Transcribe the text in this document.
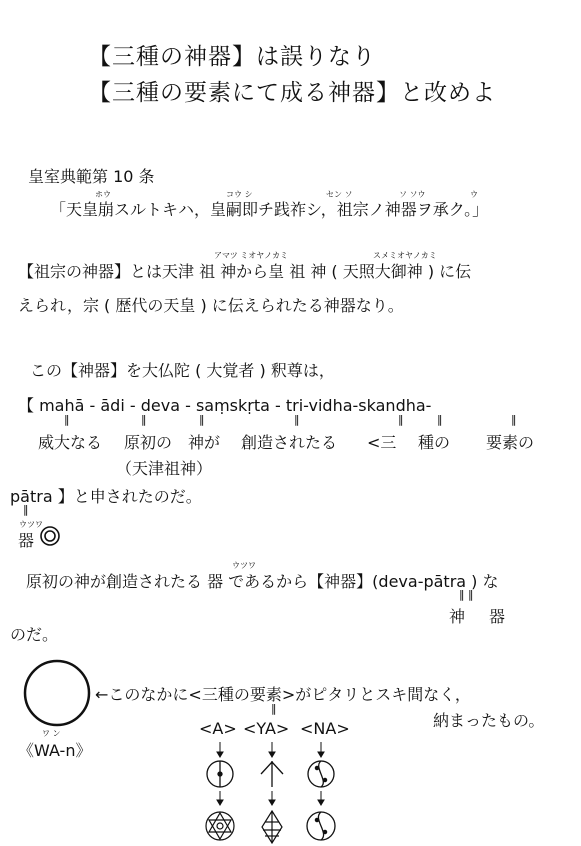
【三種の神器】は誤りなり
【三種の要素にて成る神器】と改めよ
皇室典範第 10 条
ホウ	コウ シ	セン ソ	ソ ソウ	ウ
「天皇崩スルトキハ，皇嗣即チ践祚シ，祖宗ノ神器ヲ承ク。」
アマツ ミオヤノカミ	スメミオヤノカミ
【祖宗の神器】とは天津 祖 神から皇 祖 神 ( 天照大御神 ) に伝
えられ，宗 ( 歴代の天皇 ) に伝えられたる神器なり。
この【神器】を大仏陀 ( 大覚者 ) 釈尊は，
【 mahā - ādi - deva - saṃskṛta - tri-vidha-skandha-
‖	‖	‖	‖	‖	‖	‖
威大なる 原初の 神が 創造されたる <三 種の 要素の
（天津祖神）
pātra 】と申されたのだ。
‖
ウツワ
器
ウツワ
原初の神が創造されたる 器 であるから【神器】(deva-pātra ) な
‖ ‖
神 器
のだ。
ワ ン
《WA-n》
←このなかに<三種の要素>がピタリとスキ間なく，
‖
納まったもの。
<A> <YA> <NA>
